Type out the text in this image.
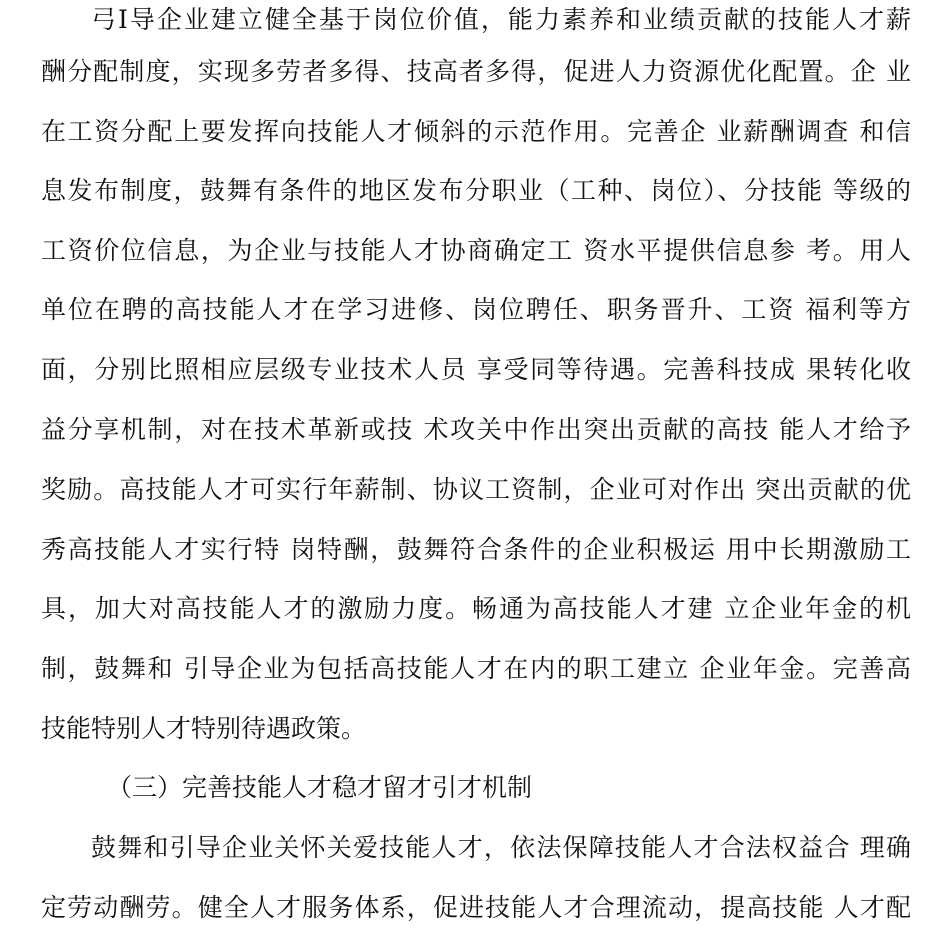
弓I导企业建立健全基于岗位价值，能力素养和业绩贡献的技能人才薪
酬分配制度，实现多劳者多得、技高者多得，促进人力资源优化配置。企 业
在工资分配上要发挥向技能人才倾斜的示范作用。完善企 业薪酬调查 和信
息发布制度，鼓舞有条件的地区发布分职业（工种、岗位）、分技能 等级的
工资价位信息，为企业与技能人才协商确定工 资水平提供信息参 考。用人
单位在聘的高技能人才在学习进修、岗位聘任、职务晋升、工资 福利等方
面，分别比照相应层级专业技术人员 享受同等待遇。完善科技成 果转化收
益分享机制，对在技术革新或技 术攻关中作出突出贡献的高技 能人才给予
奖励。高技能人才可实行年薪制、协议工资制，企业可对作出 突出贡献的优
秀高技能人才实行特 岗特酬，鼓舞符合条件的企业积极运 用中长期激励工
具，加大对高技能人才的激励力度。畅通为高技能人才建 立企业年金的机
制，鼓舞和 引导企业为包括高技能人才在内的职工建立 企业年金。完善高
技能特别人才特别待遇政策。
（三）完善技能人才稳才留才引才机制
鼓舞和引导企业关怀关爱技能人才，依法保障技能人才合法权益合 理确
定劳动酬劳。健全人才服务体系，促进技能人才合理流动，提高技能 人才配
